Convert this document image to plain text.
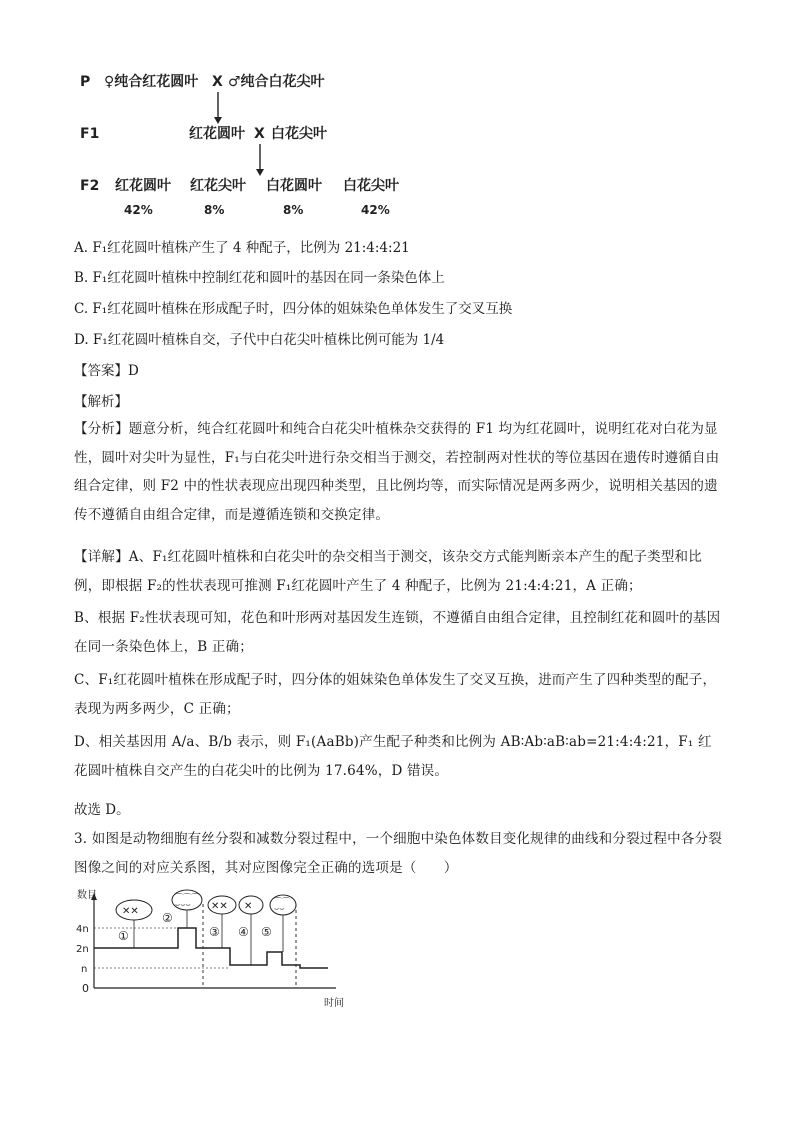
P ♀纯合红花圆叶 X ♂纯合白花尖叶
F1	红花圆叶 X 白花尖叶
F2 红花圆叶 红花尖叶 白花圆叶 白花尖叶
42%	8%	8%	42%

A. F₁红花圆叶植株产生了 4 种配子，比例为 21:4:4:21

B. F₁红花圆叶植株中控制红花和圆叶的基因在同一条染色体上

C. F₁红花圆叶植株在形成配子时，四分体的姐妹染色单体发生了交叉互换

D. F₁红花圆叶植株自交，子代中白花尖叶植株比例可能为 1/4

【答案】D

【解析】

【分析】题意分析，纯合红花圆叶和纯合白花尖叶植株杂交获得的 F1 均为红花圆叶，说明红花对白花为显性，圆叶对尖叶为显性，F₁与白花尖叶进行杂交相当于测交，若控制两对性状的等位基因在遗传时遵循自由组合定律，则 F2 中的性状表现应出现四种类型，且比例均等，而实际情况是两多两少，说明相关基因的遗传不遵循自由组合定律，而是遵循连锁和交换定律。

【详解】A、F₁红花圆叶植株和白花尖叶的杂交相当于测交，该杂交方式能判断亲本产生的配子类型和比例，即根据 F₂的性状表现可推测 F₁红花圆叶产生了 4 种配子，比例为 21:4:4:21，A 正确；

B、根据 F₂性状表现可知，花色和叶形两对基因发生连锁，不遵循自由组合定律，且控制红花和圆叶的基因在同一条染色体上，B 正确；

C、F₁红花圆叶植株在形成配子时，四分体的姐妹染色单体发生了交叉互换，进而产生了四种类型的配子，表现为两多两少，C 正确；

D、相关基因用 A/a、B/b 表示，则 F₁(AaBb)产生配子种类和比例为 AB∶Ab∶aB∶ab=21:4:4:21，F₁ 红花圆叶植株自交产生的白花尖叶的比例为 17.64%，D 错误。

故选 D。

3. 如图是动物细胞有丝分裂和减数分裂过程中，一个细胞中染色体数目变化规律的曲线和分裂过程中各分裂图像之间的对应关系图，其对应图像完全正确的选项是（　　）

数目
4n
2n
n
0
时间
✕✕
⌒⌒⌒
⌣⌣⌣ ✕✕ ✕	⌒⌒
⌣⌣
①
②
③ ④ ⑤
